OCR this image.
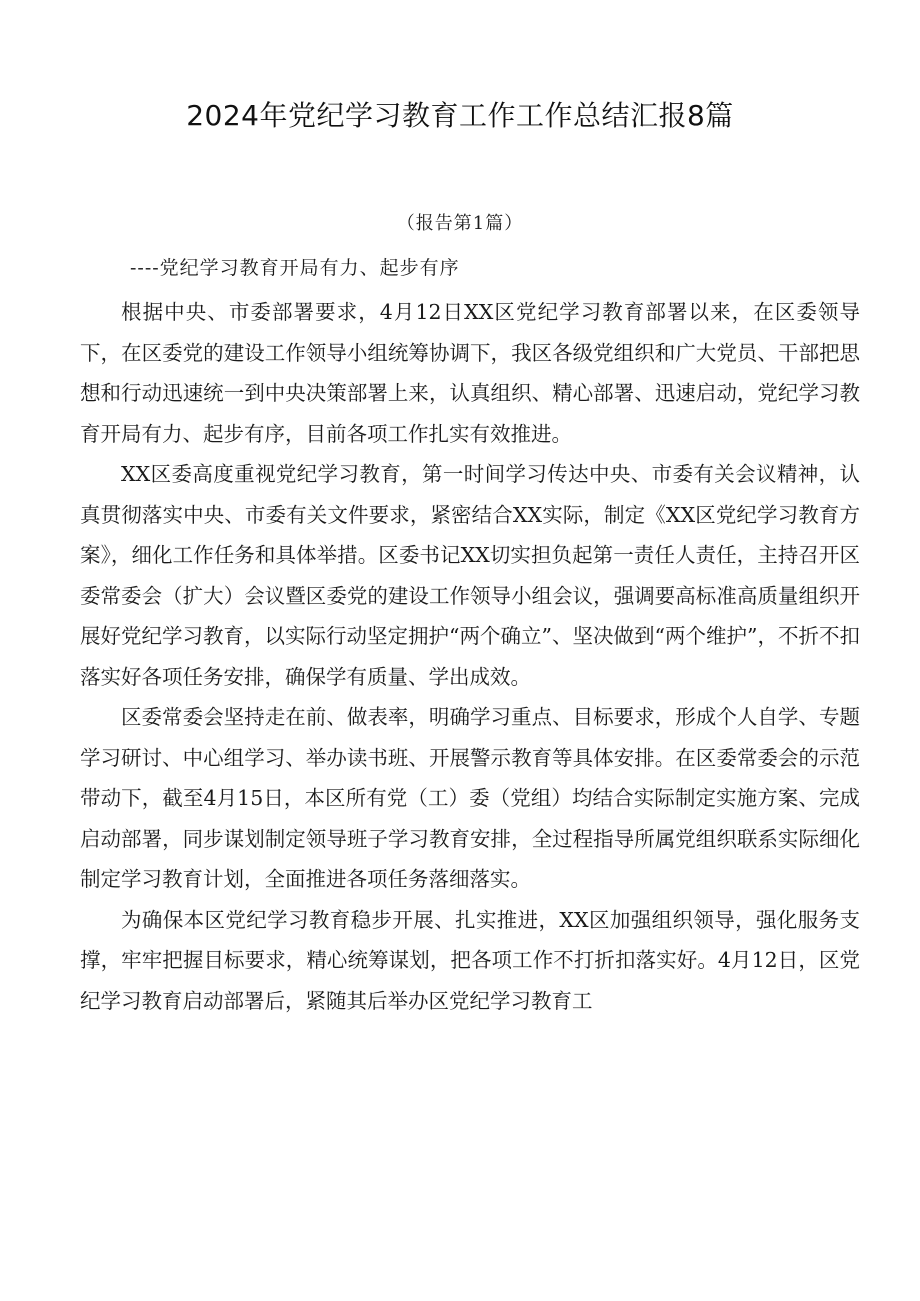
2024年党纪学习教育工作工作总结汇报8篇
（报告第1篇）
----党纪学习教育开局有力、起步有序

根据中央、市委部署要求，4月12日XX区党纪学习教育部署以来，在区委领导下，在区委党的建设工作领导小组统筹协调下，我区各级党组织和广大党员、干部把思想和行动迅速统一到中央决策部署上来，认真组织、精心部署、迅速启动，党纪学习教育开局有力、起步有序，目前各项工作扎实有效推进。

XX区委高度重视党纪学习教育，第一时间学习传达中央、市委有关会议精神，认真贯彻落实中央、市委有关文件要求，紧密结合XX实际，制定《XX区党纪学习教育方案》，细化工作任务和具体举措。区委书记XX切实担负起第一责任人责任，主持召开区委常委会（扩大）会议暨区委党的建设工作领导小组会议，强调要高标准高质量组织开展好党纪学习教育，以实际行动坚定拥护“两个确立”、坚决做到“两个维护”，不折不扣落实好各项任务安排，确保学有质量、学出成效。

区委常委会坚持走在前、做表率，明确学习重点、目标要求，形成个人自学、专题学习研讨、中心组学习、举办读书班、开展警示教育等具体安排。在区委常委会的示范带动下，截至4月15日，本区所有党（工）委（党组）均结合实际制定实施方案、完成启动部署，同步谋划制定领导班子学习教育安排，全过程指导所属党组织联系实际细化制定学习教育计划，全面推进各项任务落细落实。

为确保本区党纪学习教育稳步开展、扎实推进，XX区加强组织领导，强化服务支撑，牢牢把握目标要求，精心统筹谋划，把各项工作不打折扣落实好。4月12日，区党纪学习教育启动部署后，紧随其后举办区党纪学习教育工
